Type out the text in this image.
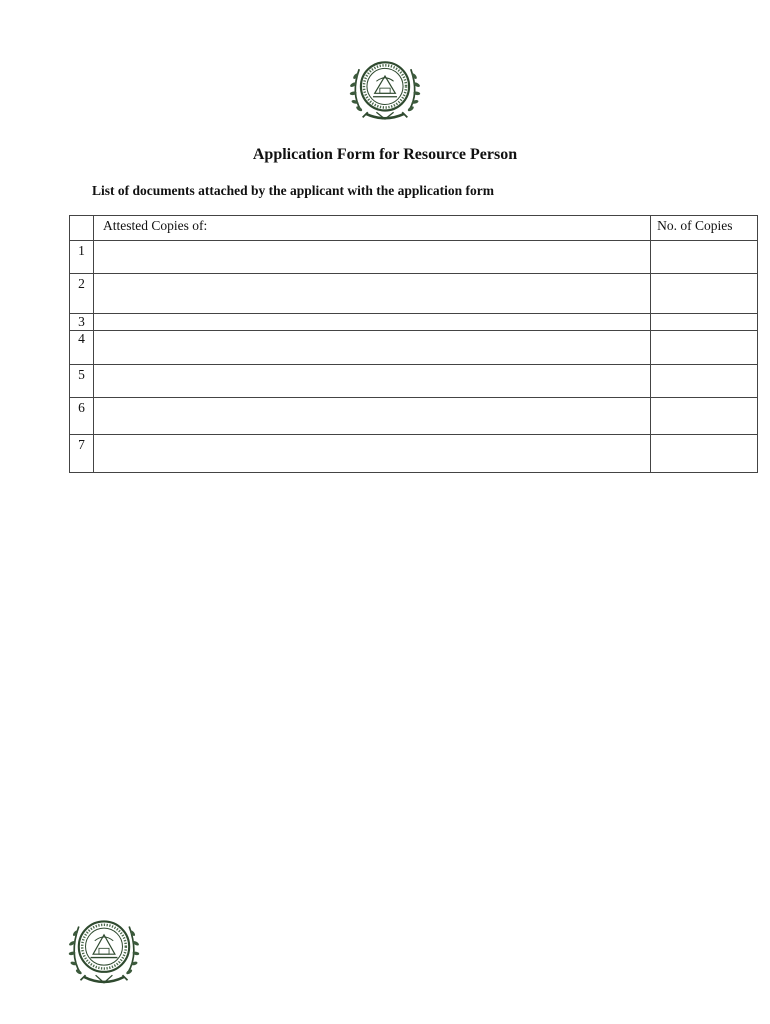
Application Form for Resource Person
List of documents attached by the applicant with the application form

	Attested Copies of:	No. of Copies

1		
2		
3		
4		
5		
6		
7		
